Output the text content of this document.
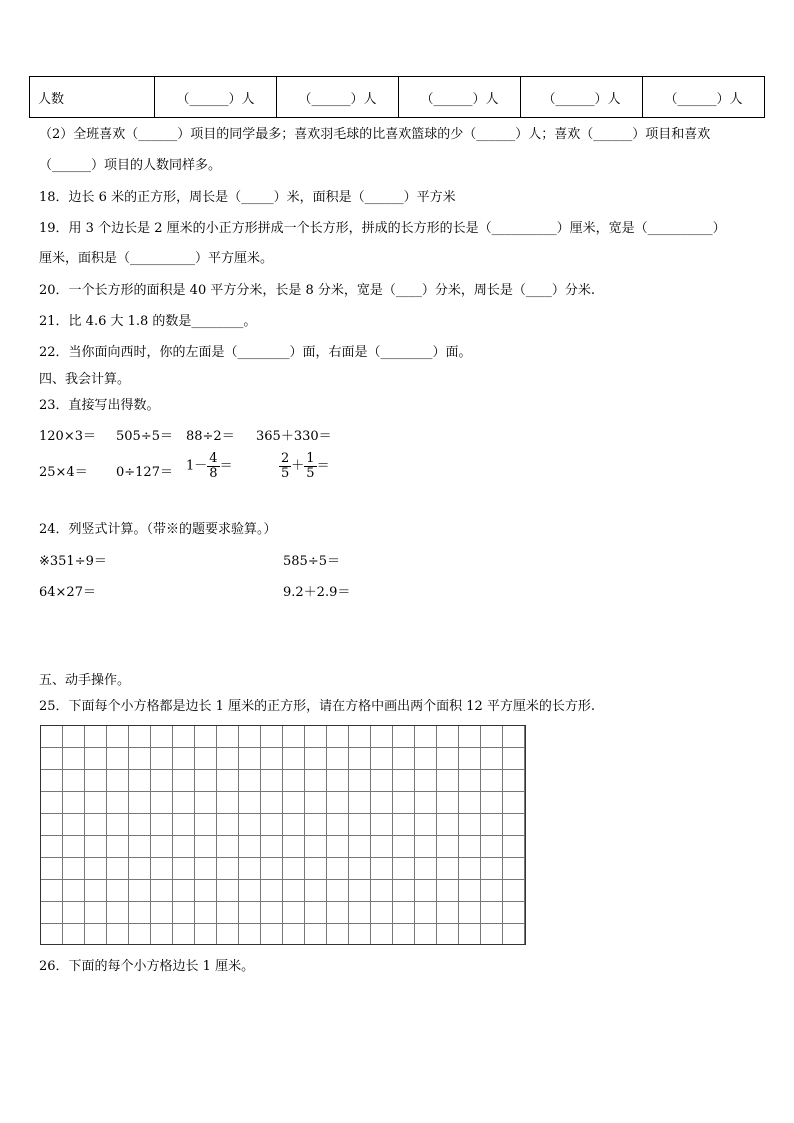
人数	（______）人	（______）人	（______）人	（______）人	（______）人
（2）全班喜欢（______）项目的同学最多；喜欢羽毛球的比喜欢篮球的少（______）人；喜欢（______）项目和喜欢
（______）项目的人数同样多。
18．边长 6 米的正方形，周长是（_____）米，面积是（______）平方米
19．用 3 个边长是 2 厘米的小正方形拼成一个长方形，拼成的长方形的长是（__________）厘米，宽是（__________）
厘米，面积是（__________）平方厘米。
20．一个长方形的面积是 40 平方分米，长是 8 分米，宽是（____）分米，周长是（____）分米.
21．比 4.6 大 1.8 的数是________。
22．当你面向西时，你的左面是（________）面，右面是（________）面。
四、我会计算。
23．直接写出得数。
120×3＝ 505÷5＝ 88÷2＝ 365＋330＝
$25\times 4= 0\div 127= 1- \frac{4}{8}$ ＝	$\frac{2}{5} + \frac{1}{5}$ ＝
24．列竖式计算。（带※的题要求验算。）
※351÷9＝	585÷5＝
64×27＝	9.2＋2.9＝
五、动手操作。
25．下面每个小方格都是边长 1 厘米的正方形，请在方格中画出两个面积 12 平方厘米的长方形.
26．下面的每个小方格边长 1 厘米。
